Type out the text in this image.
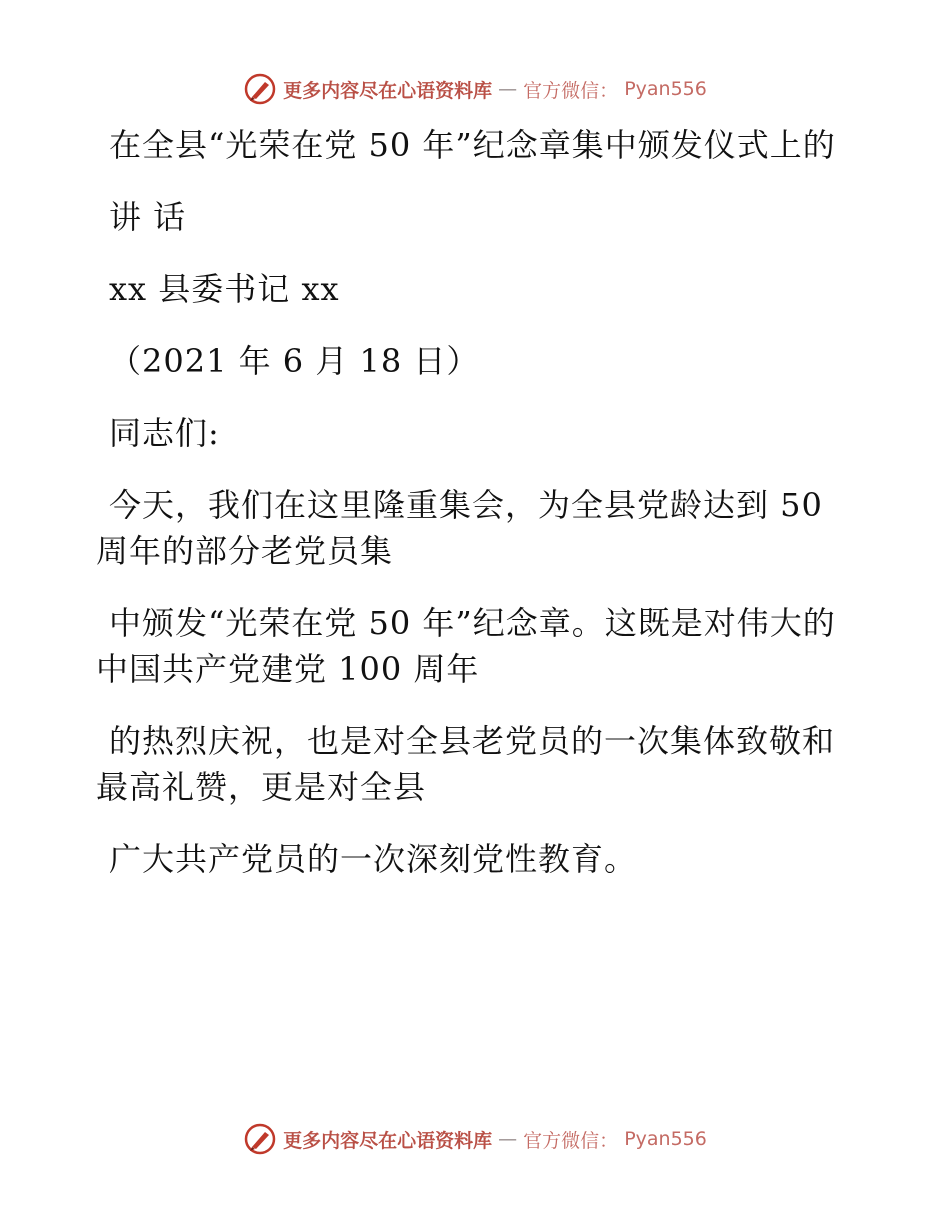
更多内容尽在心语资料库 — 官方微信： Pyan556

在全县“光荣在党 50 年”纪念章集中颁发仪式上的

讲 话

xx 县委书记 xx

（2021 年 6 月 18 日）

同志们:

今天，我们在这里隆重集会，为全县党龄达到 50 周年的部分老党员集

中颁发“光荣在党 50 年”纪念章。这既是对伟大的中国共产党建党 100 周年

的热烈庆祝，也是对全县老党员的一次集体致敬和最高礼赞，更是对全县

广大共产党员的一次深刻党性教育。

更多内容尽在心语资料库 — 官方微信： Pyan556
